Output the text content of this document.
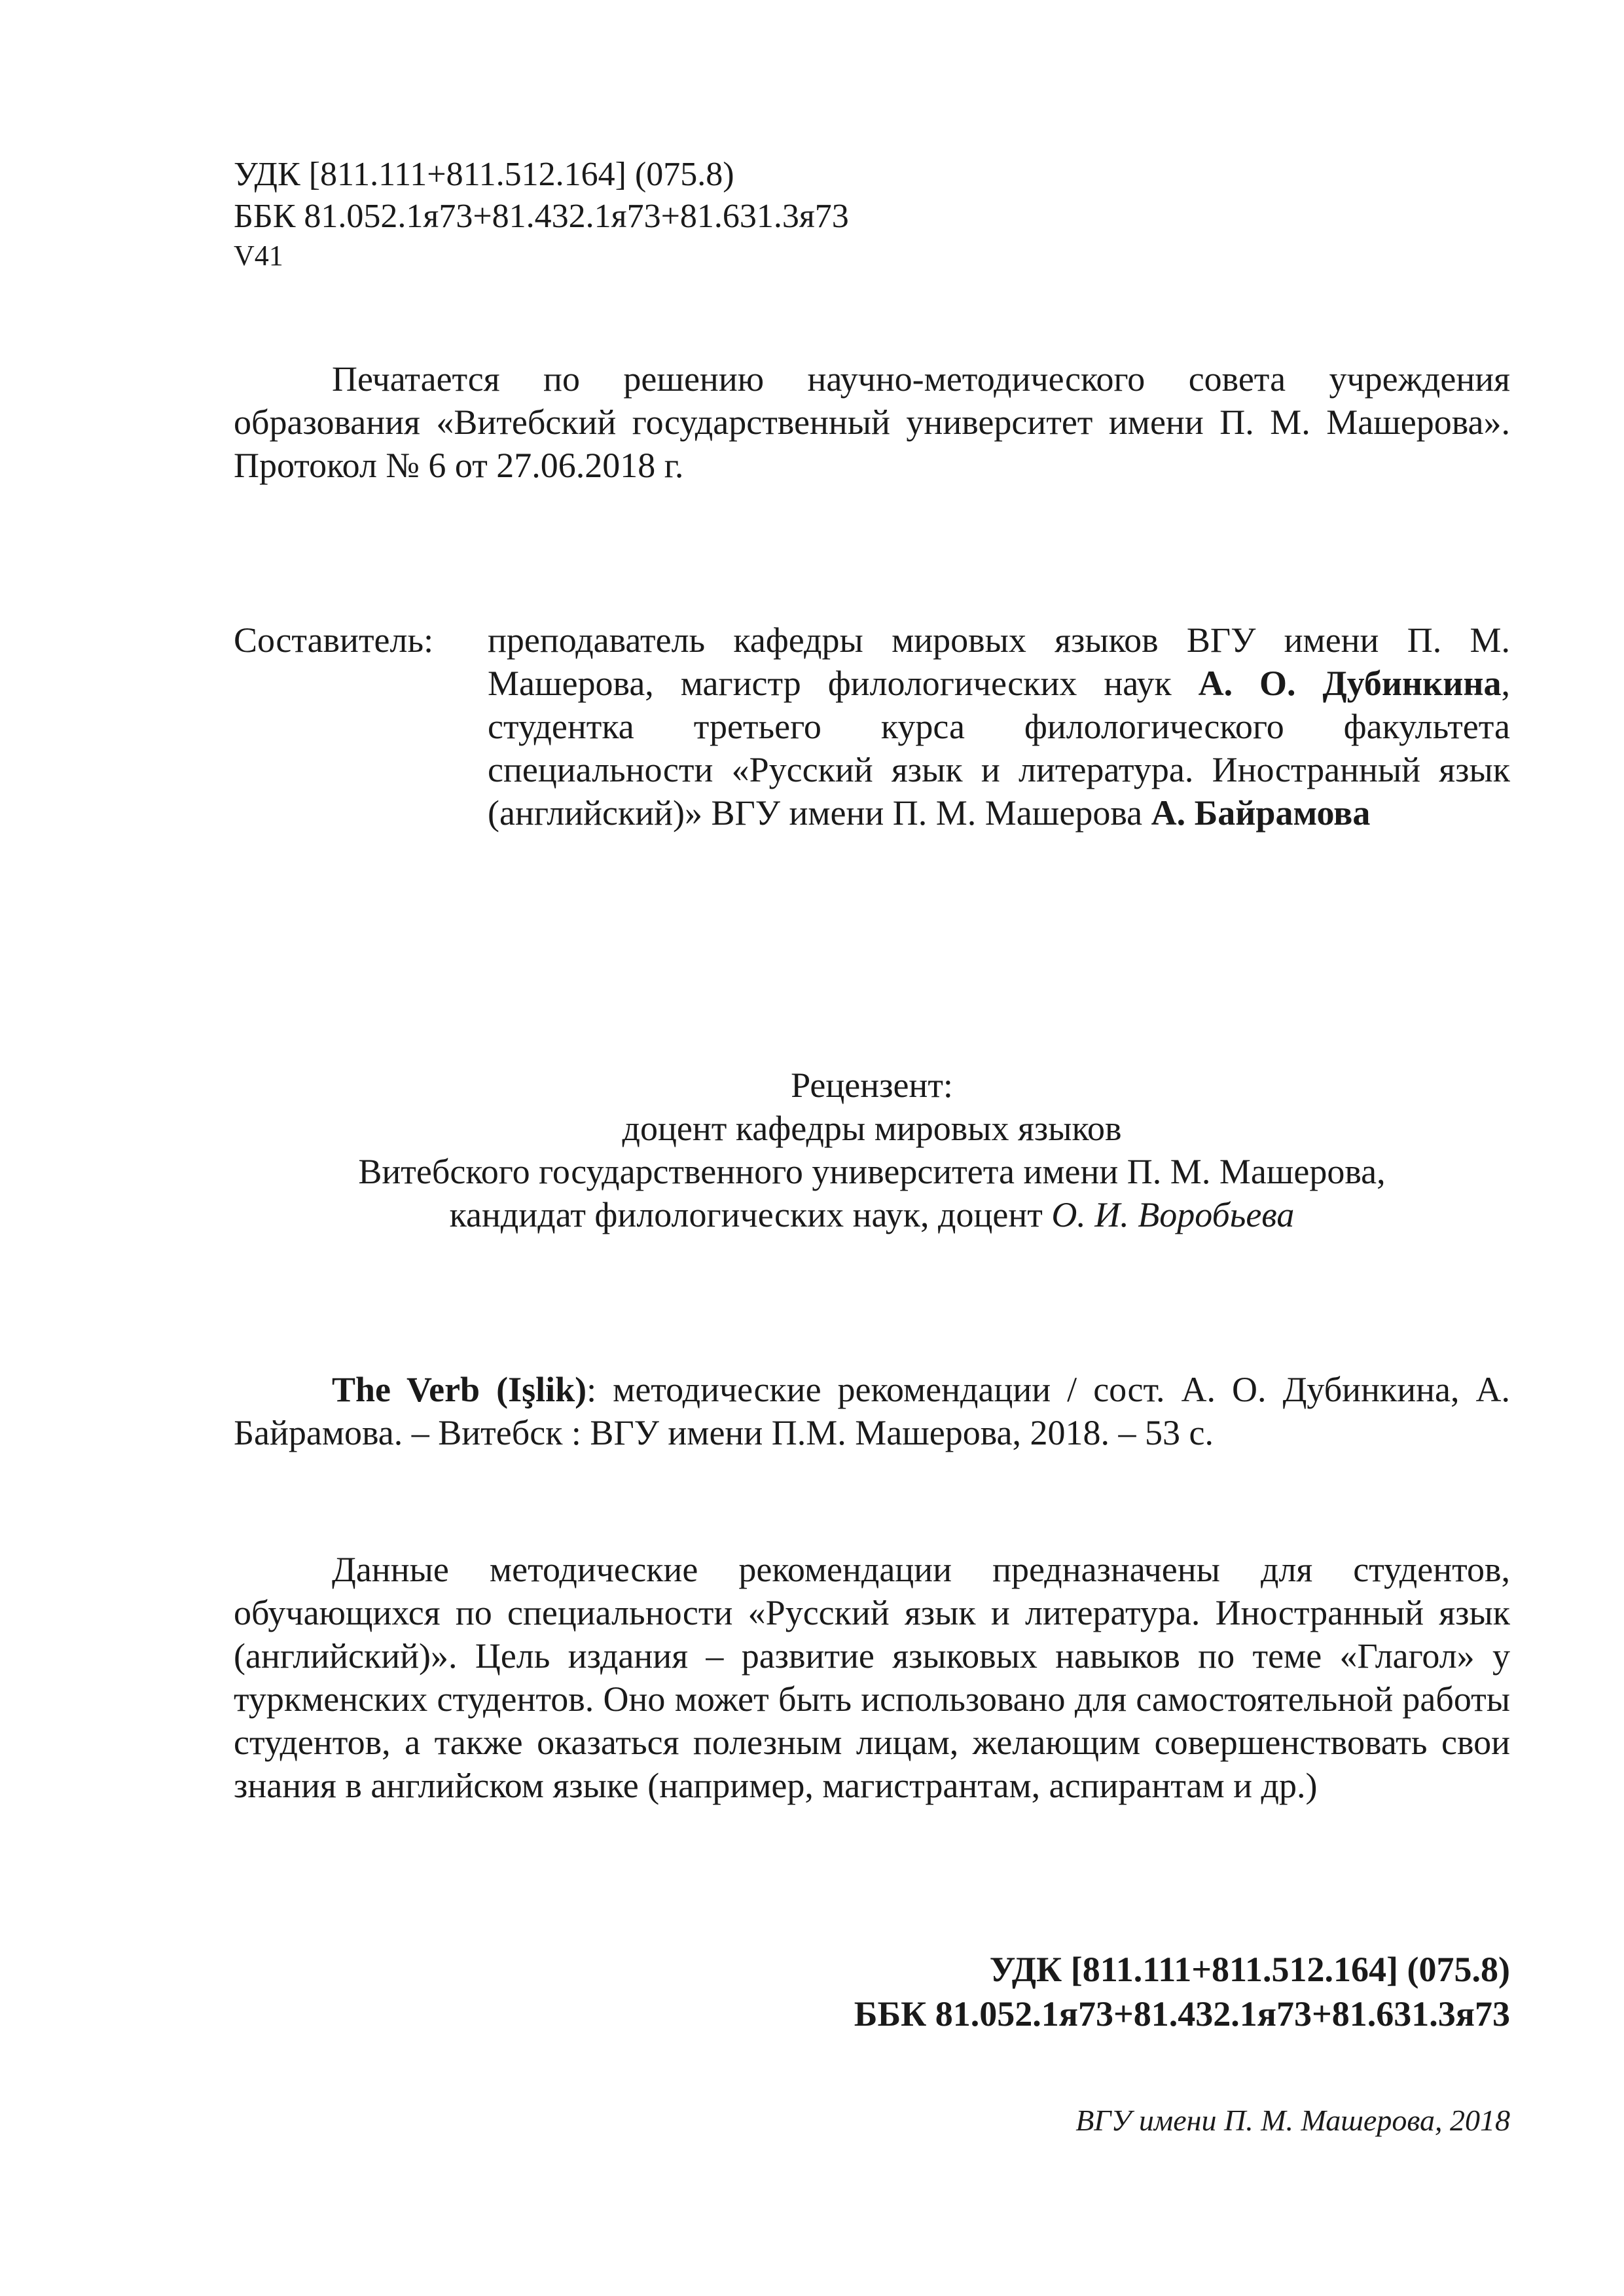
УДК [811.111+811.512.164] (075.8)
ББК 81.052.1я73+81.432.1я73+81.631.3я73
V41

Печатается по решению научно-методического совета учреждения образования «Витебский государственный университет имени П. М. Машерова». Протокол № 6 от 27.06.2018 г.

Составитель: преподаватель кафедры мировых языков ВГУ имени П. М. Машерова, магистр филологических наук А. О. Дубинкина, студентка третьего курса филологического факультета специальности «Русский язык и литература. Иностранный язык (английский)» ВГУ имени П. М. Машерова А. Байрамова

Рецензент:
доцент кафедры мировых языков
Витебского государственного университета имени П. М. Машерова,
кандидат филологических наук, доцент О. И. Воробьева

The Verb (Işlik): методические рекомендации / сост. А. О. Дубинкина, А. Байрамова. – Витебск : ВГУ имени П.М. Машерова, 2018. – 53 с.

Данные методические рекомендации предназначены для студентов, обучающихся по специальности «Русский язык и литература. Иностранный язык (английский)». Цель издания – развитие языковых навыков по теме «Глагол» у туркменских студентов. Оно может быть использовано для самостоятельной работы студентов, а также оказаться полезным лицам, желающим совершенствовать свои знания в английском языке (например, магистрантам, аспирантам и др.)

УДК [811.111+811.512.164] (075.8)
ББК 81.052.1я73+81.432.1я73+81.631.3я73
ВГУ имени П. М. Машерова, 2018
